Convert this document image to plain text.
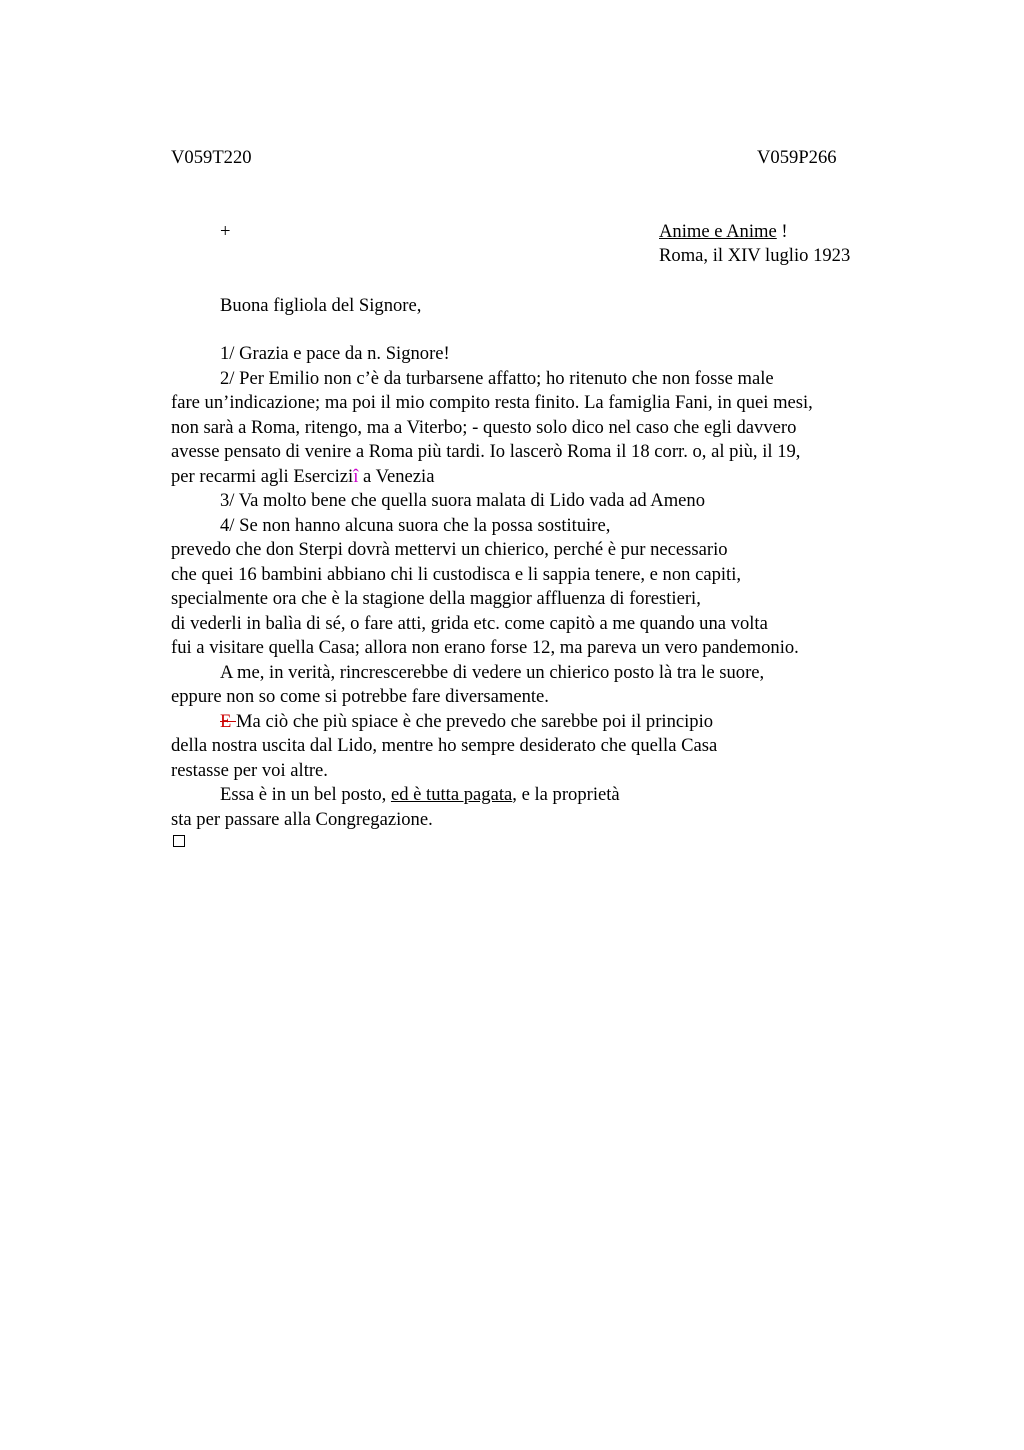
V059T220	V059P266
+	Anime e Anime !
Roma, il XIV luglio 1923
Buona figliola del Signore,
1/ Grazia e pace da n. Signore!
2/ Per Emilio non c’è da turbarsene affatto; ho ritenuto che non fosse male
fare un’indicazione; ma poi il mio compito resta finito. La famiglia Fani, in quei mesi,
non sarà a Roma, ritengo, ma a Viterbo; - questo solo dico nel caso che egli davvero
avesse pensato di venire a Roma più tardi. Io lascerò Roma il 18 corr. o, al più, il 19,
per recarmi agli Eserciziî a Venezia
3/ Va molto bene che quella suora malata di Lido vada ad Ameno
4/ Se non hanno alcuna suora che la possa sostituire,
prevedo che don Sterpi dovrà mettervi un chierico, perché è pur necessario
che quei 16 bambini abbiano chi li custodisca e li sappia tenere, e non capiti,
specialmente ora che è la stagione della maggior affluenza di forestieri,
di vederli in balìa di sé, o fare atti, grida etc. come capitò a me quando una volta
fui a visitare quella Casa; allora non erano forse 12, ma pareva un vero pandemonio.
A me, in verità, rincrescerebbe di vedere un chierico posto là tra le suore,
eppure non so come si potrebbe fare diversamente.
E Ma ciò che più spiace è che prevedo che sarebbe poi il principio
della nostra uscita dal Lido, mentre ho sempre desiderato che quella Casa
restasse per voi altre.
Essa è in un bel posto, ed è tutta pagata, e la proprietà
sta per passare alla Congregazione.
